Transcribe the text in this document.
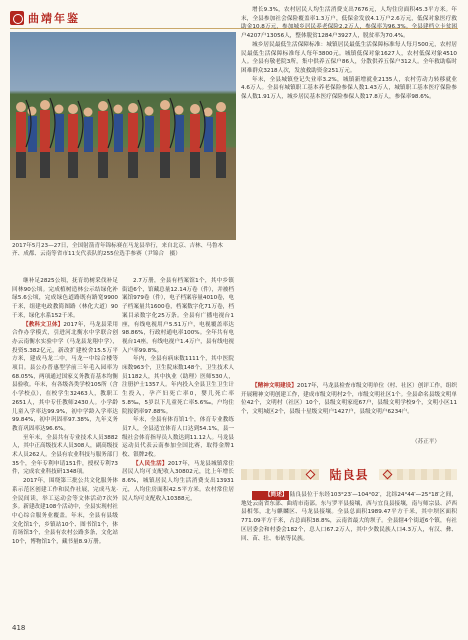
曲靖年鉴
2017年5月23—27日，全国射箭青年锦标赛在马龙县举行，来自北京、吉林、马鲁木齐、成都、云南等省市11支代表队的255位选手参赛（尹锦合　摄）

继补足2825公顷，抚育幼树采伐补足回林90公顷。完成植树造林公示结绿化补绿5.6公顷，完成绿色道路既有路宽9900千米，组建电政教简图路（林化大道）90千米，绿化水系152千米。

【教科文卫体】2017年，马龙县采用合作办学模式，引进河北衡水中学联合创办云南衡水实验中学（马龙县龙翔中学），投资5.382亿元，新改扩建校舍15.5万平方米，建成马龙二中，马龙一中综合楼等项目。县公办普惠型学前三年毛入园率为68.05%，两项通过国家义务教育基本均衡县验收。年末，有各级各类学校105所（含小学校点），在校学生32463人，教职工2651人，其中专任教师2430人。小学龄儿童入学率达99.9%，初中学龄入学率达99.84%，初中巩固率97.38%，九年义务教育巩固率达96.6%。

至年末，全县共有专业技术人员3882人，其中正高级技术人员308人，副高级技术人员262人。全县有农业科技与服务部门35个，全年专利申请151件，授权专利73件，完成农业科技研1348项。

2017年，围绕第三批公共文化服务体系示范区创建工作和民作社展，完成马龙·全民间读，举工运动会等文体活动7次外多。新建改建108个活动中，全县实现村社中心综合服务业覆盖。年末，全县有县级文化馆1个，乡镇站10个、图书馆1个，体育场馆3个，全县有农村公路多条，文化站10个，博物馆1个，藏书量8.9万册。

2.7万册，全县有档案馆1个，其中乡镇街道6个，馆藏总量12.14万卷（件），并被档案馆979卷（件），电子档案容量4010卷，电子档案量共1600卷，档案数字化71万卷，档案目录数字化25万条。全县有广播电视台1座，有线电视用户5.51万户，电视覆盖率达98.86%，行政村通电率100%。全年共有电视台14座，有线电视户1.4万户，县有线电视入户率99.8%。

年内，全县有病床数1111个，其中医院床数963个，卫生院床数148个，卫生技术人员1182人，其中执业（助理）医师530人，注册护士1357人。年内投入全县卫生卫生计生投入，孕产妇死亡率0，婴儿死亡率5.8‰，5岁以下儿童死亡率5.6‰，户均住院报销率97.88%。

年末，全县有体育馆1个，体育专业教练员7人，全县适宜体育人口达到54.1%，县一级社会体育指导员人数达到11.12人。马龙县运动员代表云南参加全国比赛，取得金牌1枚、银牌2枚。

【人民生活】2017年，马龙县城镇常住居民人均可支配收入30802元，比上年增长8.6%，城镇居民人均生活消费支出13931元，人均住房面积42.5平方米。农村常住居民人均可支配收入10388元，

增长9.3%，农村居民人均生活消费支出7676元，人均住房面积45.3平方米。年末，全县参加社会保险覆盖率1.3万户，低保金发放4.1万户2.6万元，低保对象医疗救助金10.8万元，参加城乡居民养老保险2.2万人，参保率为96.3%。全县建档立卡贫困户4207户13056人，整体脱贫1284户3927人，脱贫率为70.4%。

城乡居民最低生活保障标准：城镇居民最低生活保障标准每人每月500元，农村居民最低生活保障标准每人每年3800元。城镇低保对象1627人，农村低保对象4510人。全县有敬老院3所，集中供养五保户86人，分散供养五保户312人。全年救助临时困难群众3218人次，发放救助资金251万元。

年末，全县城镇登记失业率3.2%，城镇新增就业2135人，农村劳动力转移就业4.6万人。全县有城镇职工基本养老保险参保人数1.43万人，城镇职工基本医疗保险参保人数1.91万人，城乡居民基本医疗保险参保人数17.8万人，参保率98.6%。

【精神文明建设】2017年，马龙县检查市级文明单位（村、社区）创评工作，组织开展精神文明创建工作，建成市级文明村2个，市级文明社区1个。全县命名县级文明单位42个，文明村（社区）10个，县级文明家庭67户，县级文明学校9个，文明小区11个，文明城区2个，县级十星级文明户1427户，县级文明户6234户。

（苏正平）
陆良县

【简述】 陆良县位于东经103°23′—104°02′，北纬24°44′—25°18′之间，地处云南省东部、曲靖市南部。东与罗平县接壤，西与宜良县接壤，南与师宗县、泸西县相邻，北与麒麟区、马龙县接壤。全县总面积1989.47平方千米，其中坝区面积771.09平方千米，占总面积38.8%，云南省最大的坝子。全县辖4个街道6个镇，有社区居委会和村委会182个，总人口67.2万人，其中少数民族人口4.3万人，有汉、彝、回、苗、壮、布依等民族。

418
